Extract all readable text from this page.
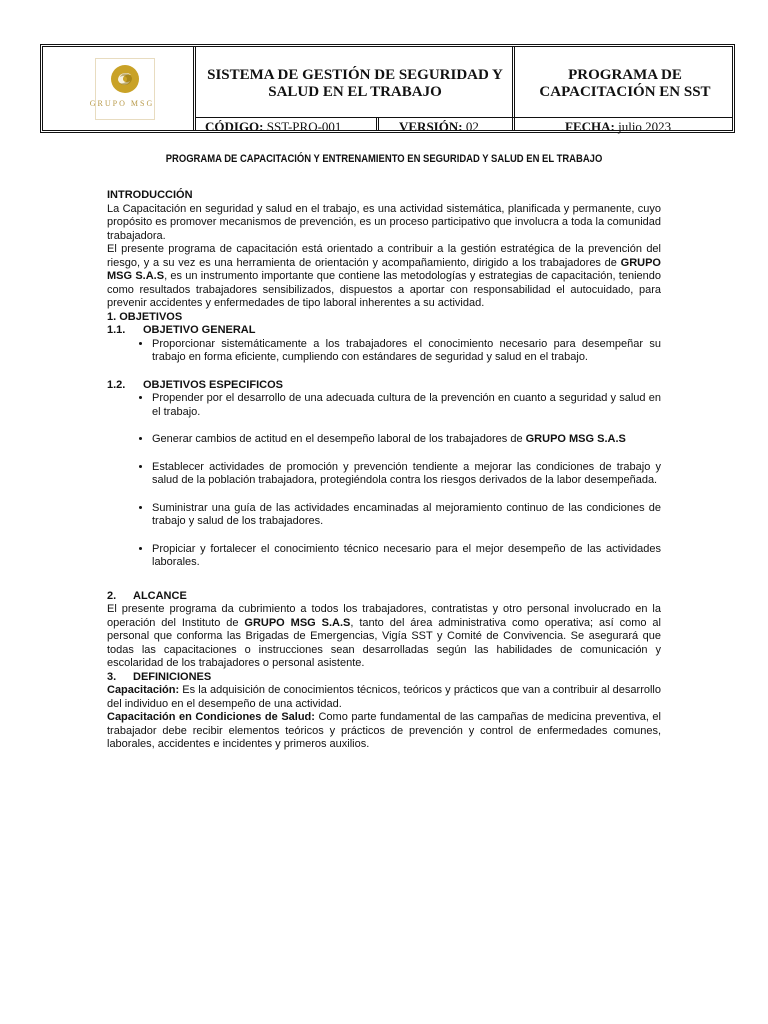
GRUPO MSG
SISTEMA DE GESTIÓN DE SEGURIDAD Y SALUD EN EL TRABAJO
PROGRAMA DE CAPACITACIÓN EN SST
CÓDIGO: SST-PRO-001	VERSIÓN: 02	FECHA: julio 2023
PROGRAMA DE CAPACITACIÓN Y ENTRENAMIENTO EN SEGURIDAD Y SALUD EN EL TRABAJO

INTRODUCCIÓN

La Capacitación en seguridad y salud en el trabajo, es una actividad sistemática, planificada y permanente, cuyo propósito es promover mecanismos de prevención, es un proceso participativo que involucra a toda la comunidad trabajadora.

El presente programa de capacitación está orientado a contribuir a la gestión estratégica de la prevención del riesgo, y a su vez es una herramienta de orientación y acompañamiento, dirigido a los trabajadores de GRUPO MSG S.A.S, es un instrumento importante que contiene las metodologías y estrategias de capacitación, teniendo como resultados trabajadores sensibilizados, dispuestos a aportar con responsabilidad el autocuidado, para prevenir accidentes y enfermedades de tipo laboral inherentes a su actividad.

1. OBJETIVOS

1.1. OBJETIVO GENERAL

• Proporcionar sistemáticamente a los trabajadores el conocimiento necesario para desempeñar su trabajo en forma eficiente, cumpliendo con estándares de seguridad y salud en el trabajo.

1.2. OBJETIVOS ESPECIFICOS

• Propender por el desarrollo de una adecuada cultura de la prevención en cuanto a seguridad y salud en el trabajo.
• Generar cambios de actitud en el desempeño laboral de los trabajadores de GRUPO MSG S.A.S
• Establecer actividades de promoción y prevención tendiente a mejorar las condiciones de trabajo y salud de la población trabajadora, protegiéndola contra los riesgos derivados de la labor desempeñada.
• Suministrar una guía de las actividades encaminadas al mejoramiento continuo de las condiciones de trabajo y salud de los trabajadores.
• Propiciar y fortalecer el conocimiento técnico necesario para el mejor desempeño de las actividades laborales.

2. ALCANCE

El presente programa da cubrimiento a todos los trabajadores, contratistas y otro personal involucrado en la operación del Instituto de GRUPO MSG S.A.S, tanto del área administrativa como operativa; así como al personal que conforma las Brigadas de Emergencias, Vigía SST y Comité de Convivencia. Se asegurará que todas las capacitaciones o instrucciones sean desarrolladas según las habilidades de comunicación y escolaridad de los trabajadores o personal asistente.

3. DEFINICIONES

Capacitación: Es la adquisición de conocimientos técnicos, teóricos y prácticos que van a contribuir al desarrollo del individuo en el desempeño de una actividad.

Capacitación en Condiciones de Salud: Como parte fundamental de las campañas de medicina preventiva, el trabajador debe recibir elementos teóricos y prácticos de prevención y control de enfermedades comunes, laborales, accidentes e incidentes y primeros auxilios.
